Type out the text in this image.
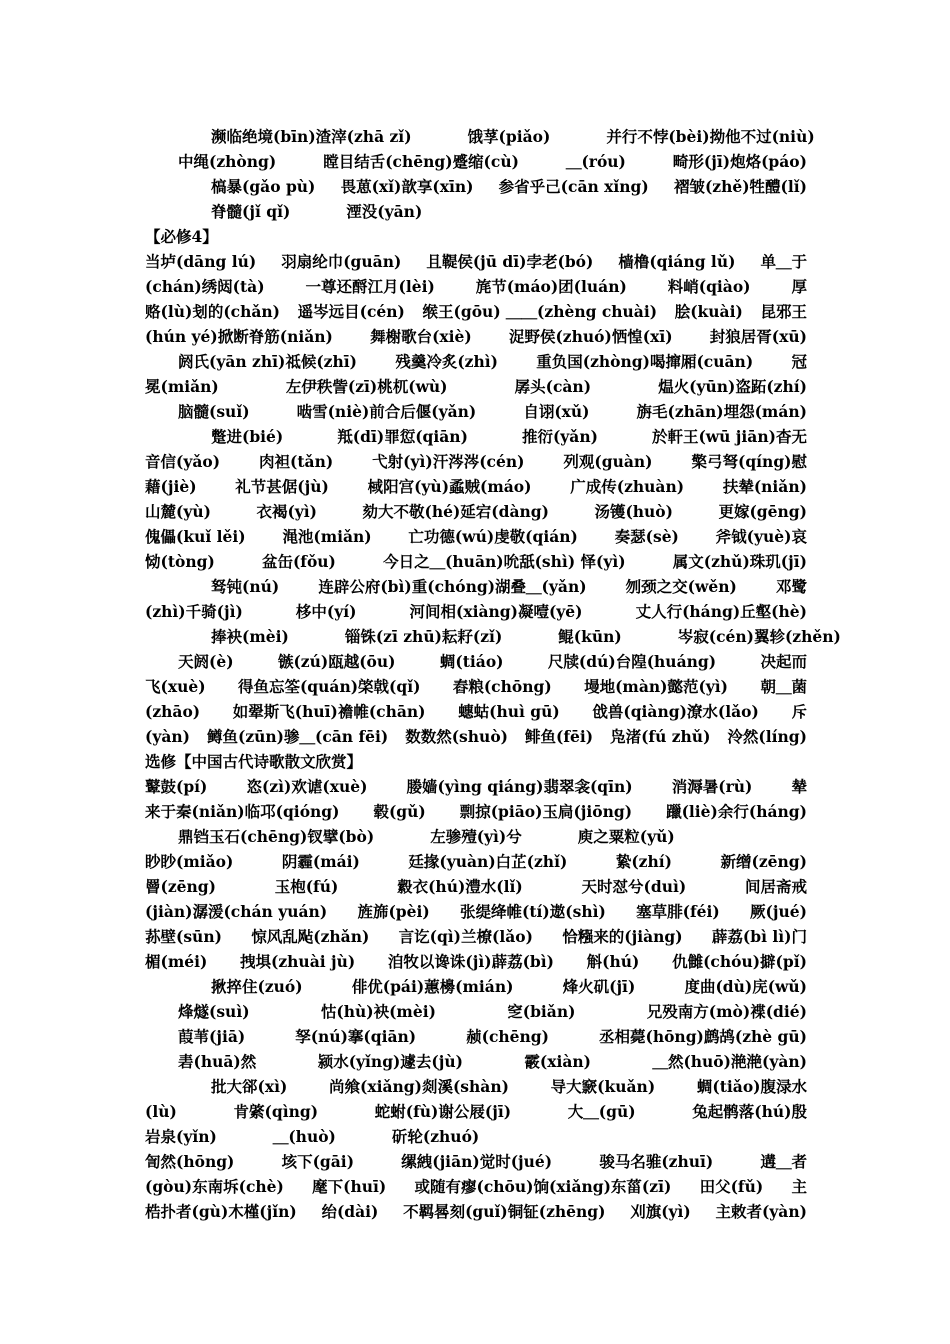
濒临绝境(bīn)渣滓(zhā zǐ)	饿莩(piǎo)	并行不悖(bèi)拗他不过(niù)
中绳(zhòng)	瞠目结舌(chēng)蹙缩(cù)	＿(róu)	畸形(jī)炮烙(páo)
槁暴(gǎo pù) 畏葸(xǐ)歆享(xīn) 参省乎己(cān xǐng) 褶皱(zhě)牲醴(lǐ)
脊髓(jǐ qǐ)	湮没(yān)
【必修4】
当垆(dāng lú) 羽扇纶巾(guān) 且鞮侯(jū dī)孛老(bó) 樯橹(qiáng lǔ) 单＿于
(chán)绣闼(tà)	一尊还酹江月(lèi)	旄节(máo)团(luán)	料峭(qiào)	厚
赂(lù)刬的(chǎn) 遥岑远目(cén) 缑王(gōu) ＿＿(zhèng chuài) 脍(kuài) 昆邪王
(hún yé)掀断脊筋(niǎn) 舞榭歌台(xiè) 浞野侯(zhuó)恓惶(xī) 封狼居胥(xū)
阏氏(yān zhī)祗候(zhī) 残羹冷炙(zhì) 重负国(zhòng)喝撺厢(cuān) 冠
冕(miǎn)	左伊秩訾(zī)桃杌(wù)	孱头(càn)	煴火(yūn)盗跖(zhí)
脑髓(suǐ)	啮雪(niè)前合后偃(yǎn)	自诩(xǔ)	旃毛(zhān)埋怨(mán)
蹩进(bié)	羝(dī)罪愆(qiān)	推衍(yǎn)	於軒王(wū jiān)杳无
音信(yǎo)	肉袒(tǎn)	弋射(yì)汗涔涔(cén)	列观(guàn)	檠弓弩(qíng)慰
藉(jiè)	礼节甚倨(jù)	棫阳宫(yù)蟊贼(máo)	广成传(zhuàn)	扶辇(niǎn)
山麓(yù)	衣褐(yì)	劾大不敬(hé)延宕(dàng)	汤镬(huò)	更嫁(gēng)
傀儡(kuǐ lěi) 渑池(miǎn) 亡功德(wú)虔敬(qián) 奏瑟(sè) 斧钺(yuè)哀
恸(tòng)	盆缶(fǒu)	今日之＿(huān)吮舐(shì) 怿(yì)	属文(zhǔ)珠玑(jī)
驽钝(nú)	连辟公府(bì)重(chóng)湖叠＿(yǎn)	刎颈之交(wěn)	邓鹭
(zhì)千骑(jì)	栘中(yí)	河间相(xiàng)凝噎(yē)	丈人行(háng)丘壑(hè)
捧袂(mèi)	锱铢(zī zhū)耘耔(zǐ)	鲲(kūn)	岑寂(cén)翼轸(zhěn)
天阏(è)	镞(zú)瓯越(ōu)	蜩(tiáo)	尺牍(dú)台隍(huáng)	决起而
飞(xuè) 得鱼忘筌(quán)棨戟(qǐ) 舂粮(chōng) 墁地(màn)懿范(yì) 朝＿菌
(zhāo) 如翚斯飞(huī)襜帷(chān) 蟪蛄(huì gū) 戗兽(qiàng)潦水(lǎo) 斥
(yàn) 鳟鱼(zūn)骖＿(cān fēi) 数数然(shuò) 鲱鱼(fēi) 凫渚(fú zhǔ) 泠然(líng)
选修【中国古代诗歌散文欣赏】
鼙鼓(pí)	恣(zì)欢谑(xuè)	媵嫱(yìng qiáng)翡翠衾(qīn)	消溽暑(rù)	辇
来于秦(niǎn)临邛(qióng) 毂(gǔ) 剽掠(piāo)玉扃(jiōng) 躐(liè)余行(háng)
鼎铛玉石(chēng)钗擘(bò)	左骖殪(yì)兮	庾之粟粒(yǔ)
眇眇(miǎo)	阴霾(mái)	廷掾(yuàn)白芷(zhǐ)	絷(zhí)	新缯(zēng)
罾(zēng)	玉枹(fú)	縠衣(hú)澧水(lǐ)	天时怼兮(duì)	间居斋戒
(jiàn)潺湲(chán yuán) 旌旆(pèi) 张缇绛帷(tí)遨(shì) 塞草腓(féi) 厥(jué)
荪壁(sūn) 惊风乱飐(zhǎn) 言讫(qì)兰橑(lǎo) 恰糨来的(jiàng) 薜荔(bì lì)门
楣(méi) 拽埧(zhuài jù) 洎牧以谗诛(jì)薜荔(bì) 斛(hú) 仇雠(chóu)擗(pǐ)
揪捽住(zuó)	俳优(pái)蕙櫋(mián)	烽火矶(jī)	度曲(dù)庑(wǔ)
烽燧(suì)	怙(hù)袂(mèi)	窆(biǎn)	兄殁南方(mò)褋(dié)
葭苇(jiā)	孥(nú)搴(qiān)	赪(chēng)	丞相薨(hōng)鹧鸪(zhè gū)
砉(huā)然	颍水(yǐng)遽去(jù)	霰(xiàn)	＿然(huō)滟滟(yàn)
批大郤(xì)	尚飨(xiǎng)剡溪(shàn)	导大窾(kuǎn)	蜩(tiǎo)腹渌水
(lù)	肯綮(qìng)	蛇蚹(fù)谢公屐(jī)	大＿(gū)	兔起鹘落(hú)殷
岩泉(yǐn)	＿(huò)	斫轮(zhuó)
訇然(hōng)	垓下(gāi)	缧絏(jiān)觉时(jué)	骏马名骓(zhuī)	遘＿者
(gòu)东南坼(chè) 麾下(huī) 或随有瘳(chōu)饷(xiǎng)东菑(zī) 田父(fǔ) 主
梏扑者(gù)木槿(jǐn) 绐(dài) 不羁晷刻(guǐ)铜钲(zhēng) 刈旗(yì) 主敕者(yàn)
